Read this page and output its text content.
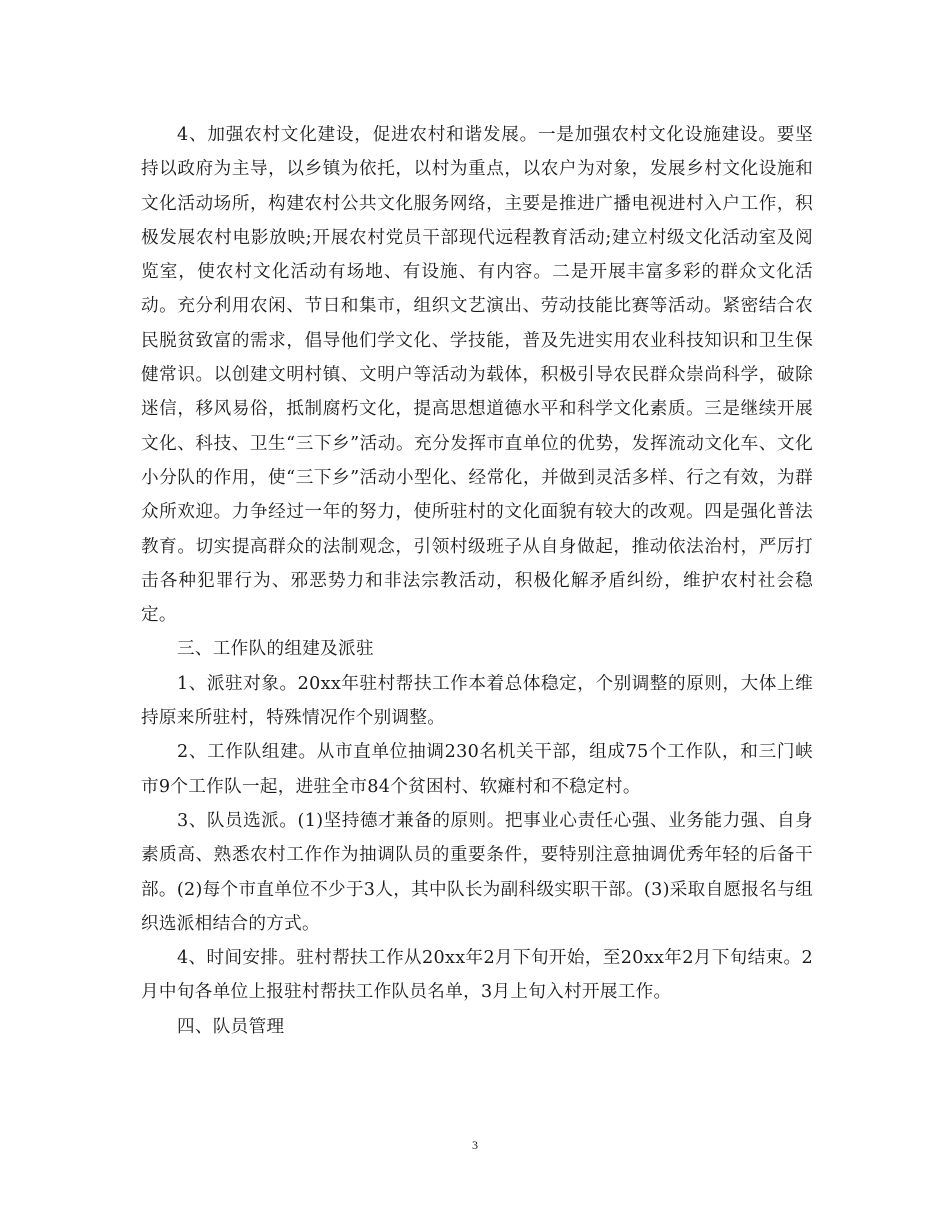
4、加强农村文化建设，促进农村和谐发展。一是加强农村文化设施建设。要坚持以政府为主导，以乡镇为依托，以村为重点，以农户为对象，发展乡村文化设施和文化活动场所，构建农村公共文化服务网络，主要是推进广播电视进村入户工作，积极发展农村电影放映;开展农村党员干部现代远程教育活动;建立村级文化活动室及阅览室，使农村文化活动有场地、有设施、有内容。二是开展丰富多彩的群众文化活动。充分利用农闲、节日和集市，组织文艺演出、劳动技能比赛等活动。紧密结合农民脱贫致富的需求，倡导他们学文化、学技能，普及先进实用农业科技知识和卫生保健常识。以创建文明村镇、文明户等活动为载体，积极引导农民群众崇尚科学，破除迷信，移风易俗，抵制腐朽文化，提高思想道德水平和科学文化素质。三是继续开展文化、科技、卫生“三下乡”活动。充分发挥市直单位的优势，发挥流动文化车、文化小分队的作用，使“三下乡”活动小型化、经常化，并做到灵活多样、行之有效，为群众所欢迎。力争经过一年的努力，使所驻村的文化面貌有较大的改观。四是强化普法教育。切实提高群众的法制观念，引领村级班子从自身做起，推动依法治村，严厉打击各种犯罪行为、邪恶势力和非法宗教活动，积极化解矛盾纠纷，维护农村社会稳定。

三、工作队的组建及派驻

1、派驻对象。20xx年驻村帮扶工作本着总体稳定，个别调整的原则，大体上维持原来所驻村，特殊情况作个别调整。

2、工作队组建。从市直单位抽调230名机关干部，组成75个工作队，和三门峡市9个工作队一起，进驻全市84个贫困村、软瘫村和不稳定村。

3、队员选派。(1)坚持德才兼备的原则。把事业心责任心强、业务能力强、自身素质高、熟悉农村工作作为抽调队员的重要条件，要特别注意抽调优秀年轻的后备干部。(2)每个市直单位不少于3人，其中队长为副科级实职干部。(3)采取自愿报名与组织选派相结合的方式。

4、时间安排。驻村帮扶工作从20xx年2月下旬开始，至20xx年2月下旬结束。2月中旬各单位上报驻村帮扶工作队员名单，3月上旬入村开展工作。

四、队员管理

3
